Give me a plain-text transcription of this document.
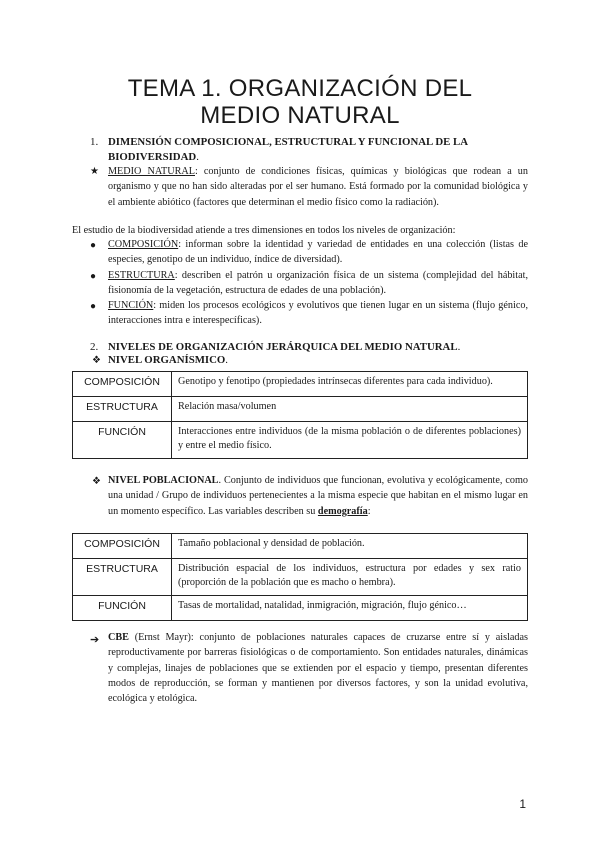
TEMA 1. ORGANIZACIÓN DEL
MEDIO NATURAL
1. DIMENSIÓN COMPOSICIONAL, ESTRUCTURAL Y FUNCIONAL DE LA
BIODIVERSIDAD.
★ MEDIO NATURAL: conjunto de condiciones físicas, químicas y biológicas que rodean a un organismo y que no han sido alteradas por el ser humano. Está formado por la comunidad biológica y el ambiente abiótico (factores que determinan el medio físico como la radiación).
El estudio de la biodiversidad atiende a tres dimensiones en todos los niveles de organización:
● COMPOSICIÓN: informan sobre la identidad y variedad de entidades en una colección (listas de especies, genotipo de un individuo, índice de diversidad).
● ESTRUCTURA: describen el patrón u organización física de un sistema (complejidad del hábitat, fisionomía de la vegetación, estructura de edades de una población).
● FUNCIÓN: miden los procesos ecológicos y evolutivos que tienen lugar en un sistema (flujo génico, interacciones intra e interespecíficas).
2. NIVELES DE ORGANIZACIÓN JERÁRQUICA DEL MEDIO NATURAL.
❖ NIVEL ORGANÍSMICO.
COMPOSICIÓN	Genotipo y fenotipo (propiedades intrínsecas diferentes para cada individuo).
ESTRUCTURA	Relación masa/volumen
FUNCIÓN	Interacciones entre individuos (de la misma población o de diferentes poblaciones) y entre el medio físico.
❖ NIVEL POBLACIONAL. Conjunto de individuos que funcionan, evolutiva y ecológicamente, como una unidad / Grupo de individuos pertenecientes a la misma especie que habitan en el mismo lugar en un momento específico. Las variables describen su demografía:
COMPOSICIÓN	Tamaño poblacional y densidad de población.
ESTRUCTURA	Distribución espacial de los individuos, estructura por edades y sex ratio (proporción de la población que es macho o hembra).
FUNCIÓN	Tasas de mortalidad, natalidad, inmigración, migración, flujo génico…
➔ CBE (Ernst Mayr): conjunto de poblaciones naturales capaces de cruzarse entre sí y aisladas reproductivamente por barreras fisiológicas o de comportamiento. Son entidades naturales, dinámicas y complejas, linajes de poblaciones que se extienden por el espacio y tiempo, presentan diferentes modos de reproducción, se forman y mantienen por diversos factores, y son la unidad evolutiva, ecológica y etológica.
1
